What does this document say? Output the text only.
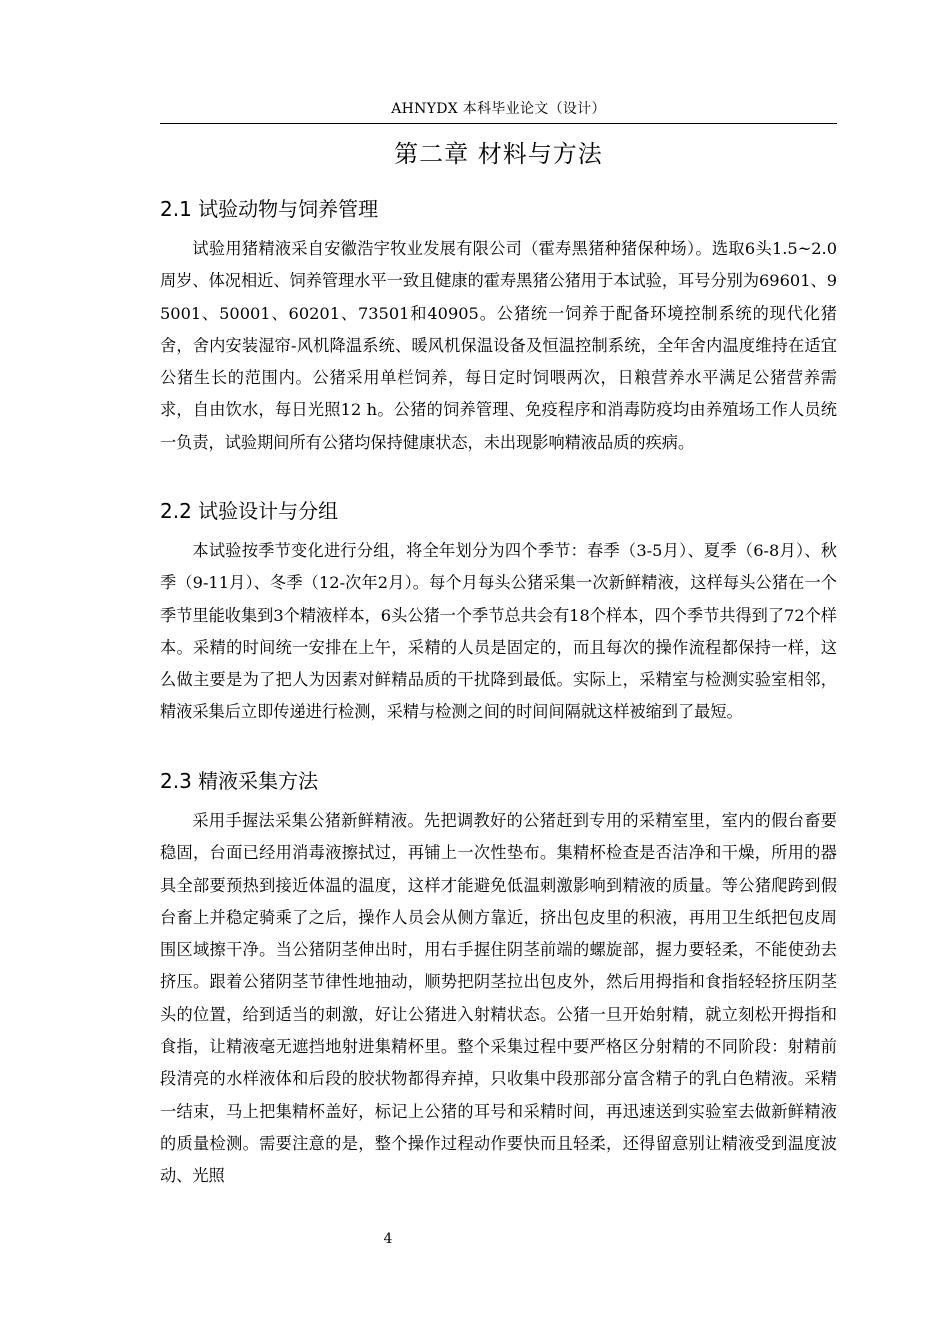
AHNYDX 本科毕业论文（设计）
第二章 材料与方法
2.1 试验动物与饲养管理

试验用猪精液采自安徽浩宇牧业发展有限公司（霍寿黑猪种猪保种场）。选取6头1.5~2.0周岁、体况相近、饲养管理水平一致且健康的霍寿黑猪公猪用于本试验，耳号分别为69601、95001、50001、60201、73501和40905。公猪统一饲养于配备环境控制系统的现代化猪舍，舍内安装湿帘-风机降温系统、暖风机保温设备及恒温控制系统，全年舍内温度维持在适宜公猪生长的范围内。公猪采用单栏饲养，每日定时饲喂两次，日粮营养水平满足公猪营养需求，自由饮水，每日光照12 h。公猪的饲养管理、免疫程序和消毒防疫均由养殖场工作人员统一负责，试验期间所有公猪均保持健康状态，未出现影响精液品质的疾病。

2.2 试验设计与分组

本试验按季节变化进行分组，将全年划分为四个季节：春季（3-5月）、夏季（6-8月）、秋季（9-11月）、冬季（12-次年2月）。每个月每头公猪采集一次新鲜精液，这样每头公猪在一个季节里能收集到3个精液样本，6头公猪一个季节总共会有18个样本，四个季节共得到了72个样本。采精的时间统一安排在上午，采精的人员是固定的，而且每次的操作流程都保持一样，这么做主要是为了把人为因素对鲜精品质的干扰降到最低。实际上，采精室与检测实验室相邻，精液采集后立即传递进行检测，采精与检测之间的时间间隔就这样被缩到了最短。

2.3 精液采集方法

采用手握法采集公猪新鲜精液。先把调教好的公猪赶到专用的采精室里，室内的假台畜要稳固，台面已经用消毒液擦拭过，再铺上一次性垫布。集精杯检查是否洁净和干燥，所用的器具全部要预热到接近体温的温度，这样才能避免低温刺激影响到精液的质量。等公猪爬跨到假台畜上并稳定骑乘了之后，操作人员会从侧方靠近，挤出包皮里的积液，再用卫生纸把包皮周围区域擦干净。当公猪阴茎伸出时，用右手握住阴茎前端的螺旋部，握力要轻柔，不能使劲去挤压。跟着公猪阴茎节律性地抽动，顺势把阴茎拉出包皮外，然后用拇指和食指轻轻挤压阴茎头的位置，给到适当的刺激，好让公猪进入射精状态。公猪一旦开始射精，就立刻松开拇指和食指，让精液毫无遮挡地射进集精杯里。整个采集过程中要严格区分射精的不同阶段：射精前段清亮的水样液体和后段的胶状物都得弃掉，只收集中段那部分富含精子的乳白色精液。采精一结束，马上把集精杯盖好，标记上公猪的耳号和采精时间，再迅速送到实验室去做新鲜精液的质量检测。需要注意的是，整个操作过程动作要快而且轻柔，还得留意别让精液受到温度波动、光照

4
